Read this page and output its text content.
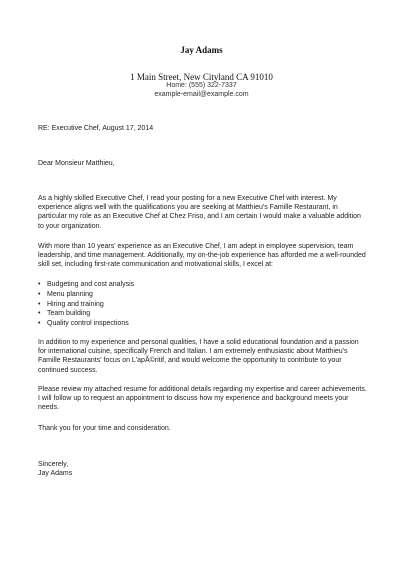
Jay Adams
1 Main Street, New Cityland CA 91010
Home: (555) 322-7337
example-email@example.com

RE: Executive Chef, August 17, 2014

Dear Monsieur Matthieu,

As a highly skilled Executive Chef, I read your posting for a new Executive Chef with interest. My experience aligns well with the qualifications you are seeking at Matthieu's Famille Restaurant, in particular my role as an Executive Chef at Chez Friso, and I am certain I would make a valuable addition to your organization.

With more than 10 years' experience as an Executive Chef, I am adept in employee supervision, team leadership, and time management. Additionally, my on-the-job experience has afforded me a well-rounded skill set, including first-rate communication and motivational skills, I excel at:

• Budgeting and cost analysis
• Menu planning
• Hiring and training
• Team building
• Quality control inspections

In addition to my experience and personal qualities, I have a solid educational foundation and a passion for international cuisine, specifically French and Italian. I am extremely enthusiastic about Matthieu's Famille Restaurants' focus on L'apÃ©ritif, and would welcome the opportunity to contribute to your continued success.

Please review my attached resume for additional details regarding my expertise and career achievements. I will follow up to request an appointment to discuss how my experience and background meets your needs.

Thank you for your time and consideration.

Sincerely,

Jay Adams
